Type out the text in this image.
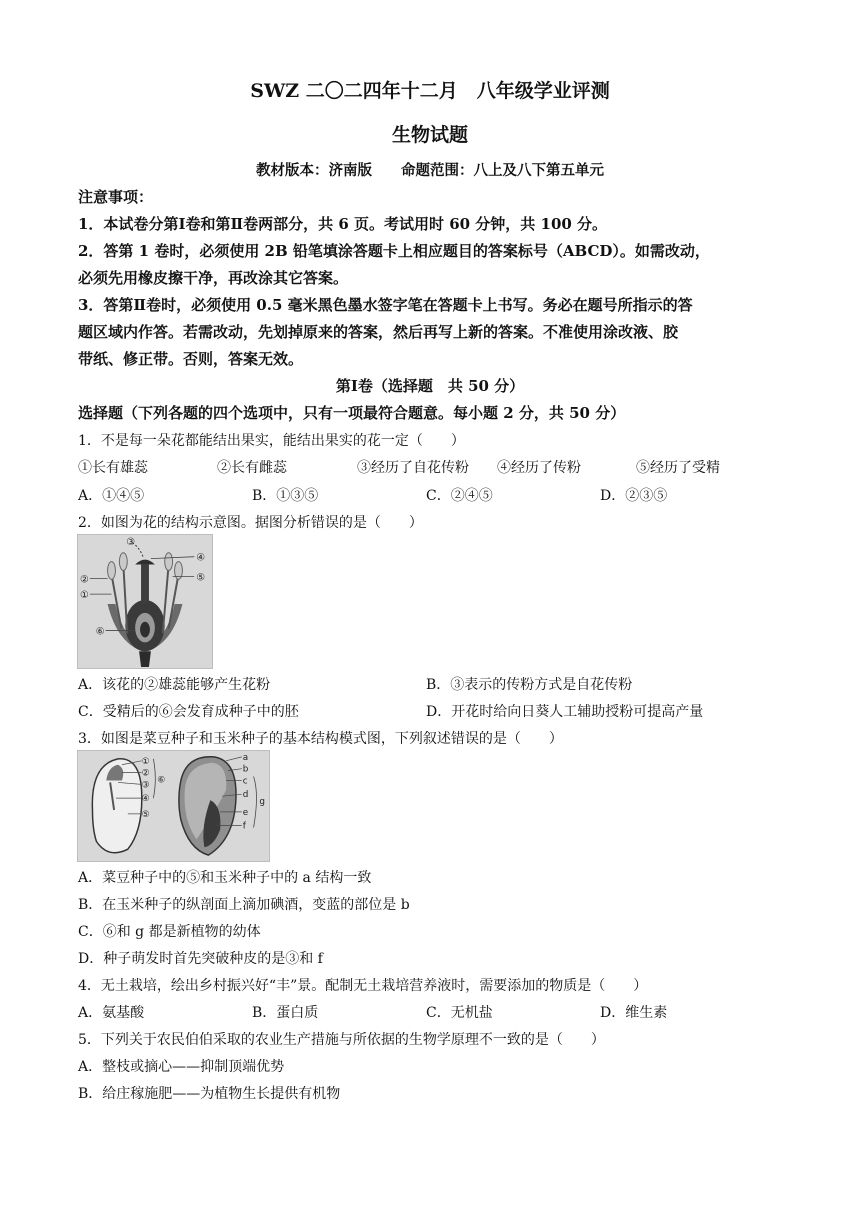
SWZ 二〇二四年十二月　八年级学业评测
生物试题
教材版本：济南版　　命题范围：八上及八下第五单元
注意事项：
1．本试卷分第Ⅰ卷和第Ⅱ卷两部分，共 6 页。考试用时 60 分钟，共 100 分。
2．答第 1 卷时，必须使用 2B 铅笔填涂答题卡上相应题目的答案标号（ABCD）。如需改动，
必须先用橡皮擦干净，再改涂其它答案。
3．答第Ⅱ卷时，必须使用 0.5 毫米黑色墨水签字笔在答题卡上书写。务必在题号所指示的答
题区域内作答。若需改动，先划掉原来的答案，然后再写上新的答案。不准使用涂改液、胶
带纸、修正带。否则，答案无效。
第Ⅰ卷（选择题　共 50 分）
选择题（下列各题的四个选项中，只有一项最符合题意。每小题 2 分，共 50 分）
1．不是每一朵花都能结出果实，能结出果实的花一定（　　）
①长有雄蕊	②长有雌蕊	③经历了自花传粉 ④经历了传粉	⑤经历了受精
A．①④⑤	B．①③⑤	C．②④⑤	D．②③⑤
2．如图为花的结构示意图。据图分析错误的是（　　）
②
①
③
④
⑤
⑥
A．该花的②雄蕊能够产生花粉	B．③表示的传粉方式是自花传粉
C．受精后的⑥会发育成种子中的胚	D．开花时给向日葵人工辅助授粉可提高产量
3．如图是菜豆种子和玉米种子的基本结构模式图，下列叙述错误的是（　　）
①
②
③
④
⑤
⑥
a
b
c
d
e
f
g
A．菜豆种子中的⑤和玉米种子中的 a 结构一致
B．在玉米种子的纵剖面上滴加碘酒，变蓝的部位是 b
C．⑥和 g 都是新植物的幼体
D．种子萌发时首先突破种皮的是③和 f
4．无土栽培，绘出乡村振兴好“丰”景。配制无土栽培营养液时，需要添加的物质是（　　）
A．氨基酸	B．蛋白质	C．无机盐	D．维生素
5．下列关于农民伯伯采取的农业生产措施与所依据的生物学原理不一致的是（　　）
A．整枝或摘心——抑制顶端优势
B．给庄稼施肥——为植物生长提供有机物
